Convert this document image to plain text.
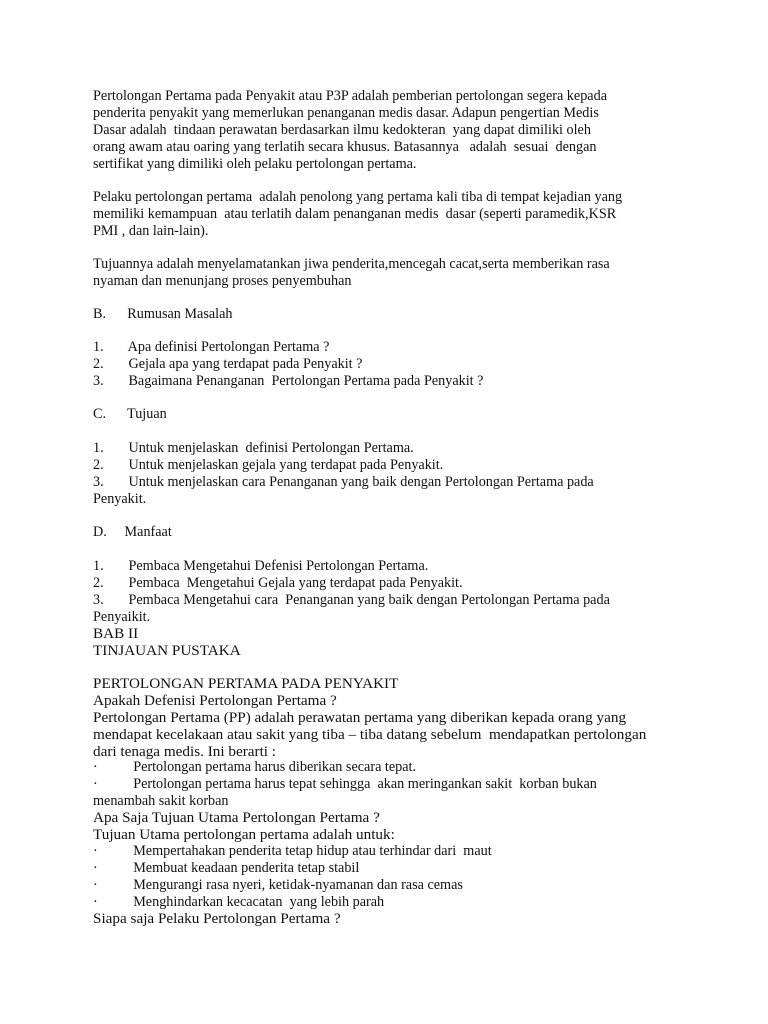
Pertolongan Pertama pada Penyakit atau P3P adalah pemberian pertolongan segera kepada
penderita penyakit yang memerlukan penanganan medis dasar. Adapun pengertian Medis
Dasar adalah  tindaan perawatan berdasarkan ilmu kedokteran  yang dapat dimiliki oleh
orang awam atau oaring yang terlatih secara khusus. Batasannya   adalah  sesuai  dengan
sertifikat yang dimiliki oleh pelaku pertolongan pertama.
Pelaku pertolongan pertama  adalah penolong yang pertama kali tiba di tempat kejadian yang
memiliki kemampuan  atau terlatih dalam penanganan medis  dasar (seperti paramedik,KSR
PMI , dan lain-lain).
Tujuannya adalah menyelamatankan jiwa penderita,mencegah cacat,serta memberikan rasa
nyaman dan menunjang proses penyembuhan
B.      Rumusan Masalah
1.       Apa definisi Pertolongan Pertama ?
2.       Gejala apa yang terdapat pada Penyakit ?
3.       Bagaimana Penanganan  Pertolongan Pertama pada Penyakit ?
C.      Tujuan
1.       Untuk menjelaskan  definisi Pertolongan Pertama.
2.       Untuk menjelaskan gejala yang terdapat pada Penyakit.
3.       Untuk menjelaskan cara Penanganan yang baik dengan Pertolongan Pertama pada
Penyakit.
D.     Manfaat
1.       Pembaca Mengetahui Defenisi Pertolongan Pertama.
2.       Pembaca  Mengetahui Gejala yang terdapat pada Penyakit.
3.       Pembaca Mengetahui cara  Penanganan yang baik dengan Pertolongan Pertama pada
Penyaikit.
BAB II
TINJAUAN PUSTAKA
PERTOLONGAN PERTAMA PADA PENYAKIT
Apakah Defenisi Pertolongan Pertama ?
Pertolongan Pertama (PP) adalah perawatan pertama yang diberikan kepada orang yang
mendapat kecelakaan atau sakit yang tiba – tiba datang sebelum  mendapatkan pertolongan
dari tenaga medis. Ini berarti :
·          Pertolongan pertama harus diberikan secara tepat.
·          Pertolongan pertama harus tepat sehingga  akan meringankan sakit  korban bukan
menambah sakit korban
Apa Saja Tujuan Utama Pertolongan Pertama ?
Tujuan Utama pertolongan pertama adalah untuk:
·          Mempertahakan penderita tetap hidup atau terhindar dari  maut
·          Membuat keadaan penderita tetap stabil
·          Mengurangi rasa nyeri, ketidak-nyamanan dan rasa cemas
·          Menghindarkan kecacatan  yang lebih parah
Siapa saja Pelaku Pertolongan Pertama ?
